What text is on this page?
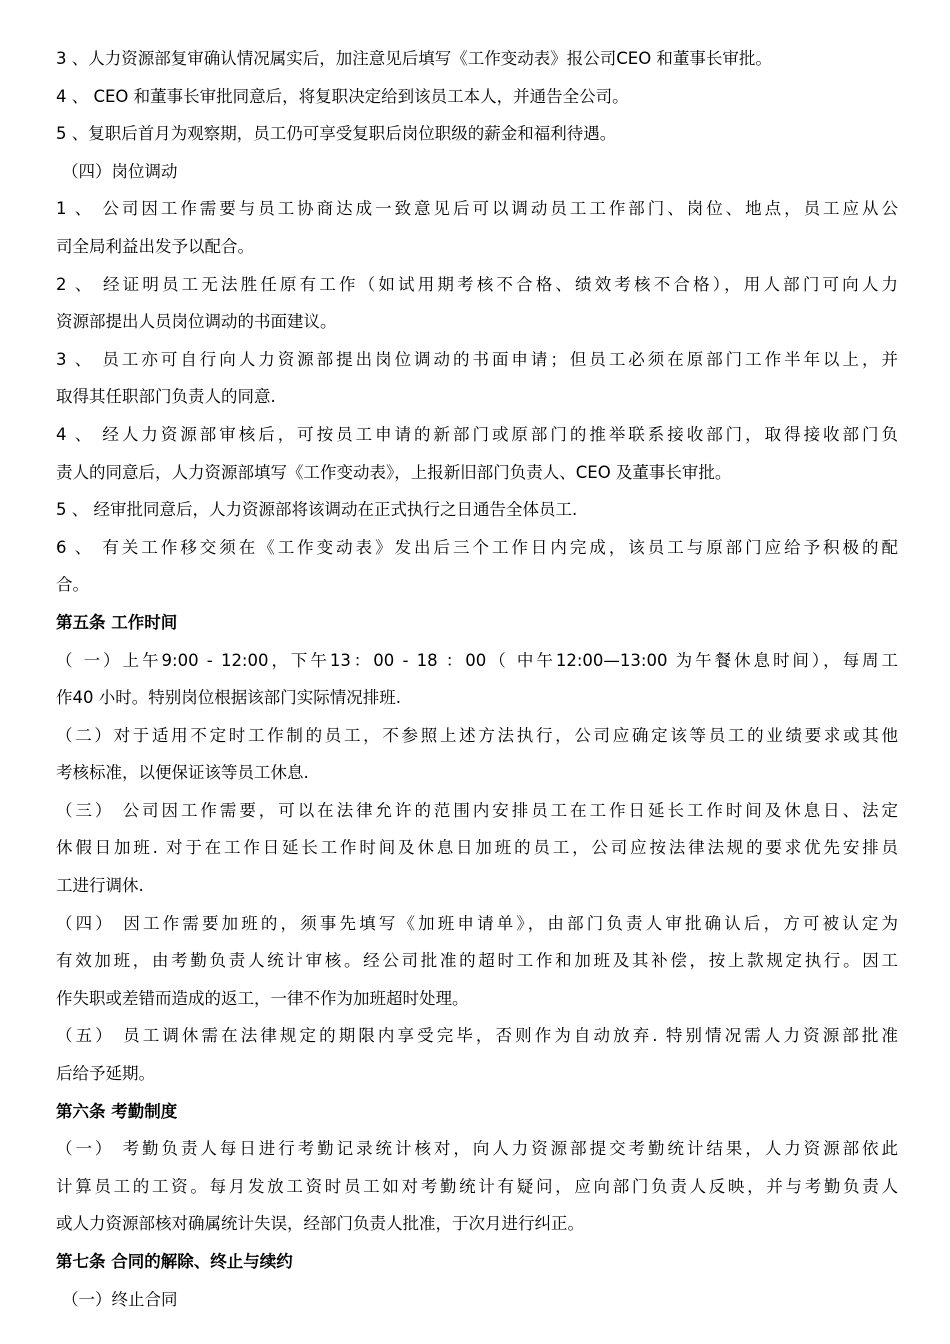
3 、人力资源部复审确认情况属实后，加注意见后填写《工作变动表》报公司CEO 和董事长审批。
4 、 CEO 和董事长审批同意后，将复职决定给到该员工本人，并通告全公司。
5 、复职后首月为观察期，员工仍可享受复职后岗位职级的薪金和福利待遇。
（四）岗位调动
1 、 公司因工作需要与员工协商达成一致意见后可以调动员工工作部门、岗位、地点，员工应从公
司全局利益出发予以配合。
2 、 经证明员工无法胜任原有工作（如试用期考核不合格、绩效考核不合格），用人部门可向人力
资源部提出人员岗位调动的书面建议。
3 、 员工亦可自行向人力资源部提出岗位调动的书面申请；但员工必须在原部门工作半年以上，并
取得其任职部门负责人的同意.
4 、 经人力资源部审核后，可按员工申请的新部门或原部门的推举联系接收部门，取得接收部门负
责人的同意后，人力资源部填写《工作变动表》，上报新旧部门负责人、CEO 及董事长审批。
5 、 经审批同意后，人力资源部将该调动在正式执行之日通告全体员工.
6 、 有关工作移交须在《工作变动表》发出后三个工作日内完成，该员工与原部门应给予积极的配
合。
第五条 工作时间
（ 一）上午9:00 - 12:00，下午13：00 - 18 ：00（ 中午12:00—13:00 为午餐休息时间），每周工
作40 小时。特别岗位根据该部门实际情况排班.
（二）对于适用不定时工作制的员工，不参照上述方法执行，公司应确定该等员工的业绩要求或其他
考核标准，以便保证该等员工休息.
（三） 公司因工作需要，可以在法律允许的范围内安排员工在工作日延长工作时间及休息日、法定
休假日加班. 对于在工作日延长工作时间及休息日加班的员工，公司应按法律法规的要求优先安排员
工进行调休.
（四） 因工作需要加班的，须事先填写《加班申请单》，由部门负责人审批确认后，方可被认定为
有效加班，由考勤负责人统计审核。经公司批准的超时工作和加班及其补偿，按上款规定执行。因工
作失职或差错而造成的返工，一律不作为加班超时处理。
（五） 员工调休需在法律规定的期限内享受完毕，否则作为自动放弃. 特别情况需人力资源部批准
后给予延期。
第六条 考勤制度
（一） 考勤负责人每日进行考勤记录统计核对，向人力资源部提交考勤统计结果，人力资源部依此
计算员工的工资。每月发放工资时员工如对考勤统计有疑问，应向部门负责人反映，并与考勤负责人
或人力资源部核对确属统计失误，经部门负责人批准，于次月进行纠正。
第七条 合同的解除、终止与续约
（一）终止合同
